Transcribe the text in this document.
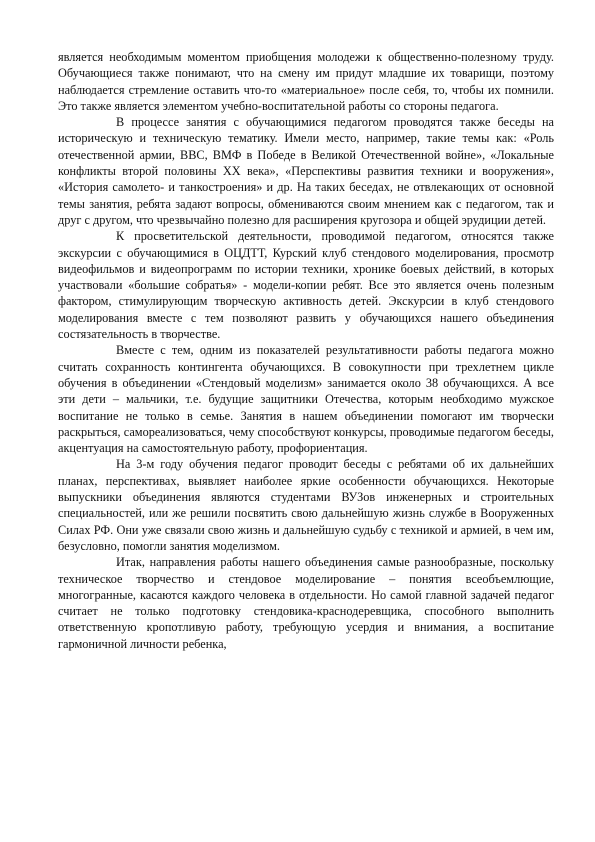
является необходимым моментом приобщения молодежи к общественно-полезному труду. Обучающиеся также понимают, что на смену им придут младшие их товарищи, поэтому наблюдается стремление оставить что-то «материальное» после себя, то, чтобы их помнили. Это также является элементом учебно-воспитательной работы со стороны педагога.

В процессе занятия с обучающимися педагогом проводятся также беседы на историческую и техническую тематику. Имели место, например, такие темы как: «Роль отечественной армии, ВВС, ВМФ в Победе в Великой Отечественной войне», «Локальные конфликты второй половины XX века», «Перспективы развития техники и вооружения», «История самолето- и танкостроения» и др. На таких беседах, не отвлекающих от основной темы занятия, ребята задают вопросы, обмениваются своим мнением как с педагогом, так и друг с другом, что чрезвычайно полезно для расширения кругозора и общей эрудиции детей.

К просветительской деятельности, проводимой педагогом, относятся также экскурсии с обучающимися в ОЦДТТ, Курский клуб стендового моделирования, просмотр видеофильмов и видеопрограмм по истории техники, хронике боевых действий, в которых участвовали «большие собратья» - модели-копии ребят. Все это является очень полезным фактором, стимулирующим творческую активность детей. Экскурсии в клуб стендового моделирования вместе с тем позволяют развить у обучающихся нашего объединения состязательность в творчестве.

Вместе с тем, одним из показателей результативности работы педагога можно считать сохранность контингента обучающихся. В совокупности при трехлетнем цикле обучения в объединении «Стендовый моделизм» занимается около 38 обучающихся. А все эти дети – мальчики, т.е. будущие защитники Отечества, которым необходимо мужское воспитание не только в семье. Занятия в нашем объединении помогают им творчески раскрыться, самореализоваться, чему способствуют конкурсы, проводимые педагогом беседы, акцентуация на самостоятельную работу, профориентация.

На 3-м году обучения педагог проводит беседы с ребятами об их дальнейших планах, перспективах, выявляет наиболее яркие особенности обучающихся. Некоторые выпускники объединения являются студентами ВУЗов инженерных и строительных специальностей, или же решили посвятить свою дальнейшую жизнь службе в Вооруженных Силах РФ. Они уже связали свою жизнь и дальнейшую судьбу с техникой и армией, в чем им, безусловно, помогли занятия моделизмом.

Итак, направления работы нашего объединения самые разнообразные, поскольку техническое творчество и стендовое моделирование – понятия всеобъемлющие, многогранные, касаются каждого человека в отдельности. Но самой главной задачей педагог считает не только подготовку стендовика-краснодеревщика, способного выполнить ответственную кропотливую работу, требующую усердия и внимания, а воспитание гармоничной личности ребенка,
